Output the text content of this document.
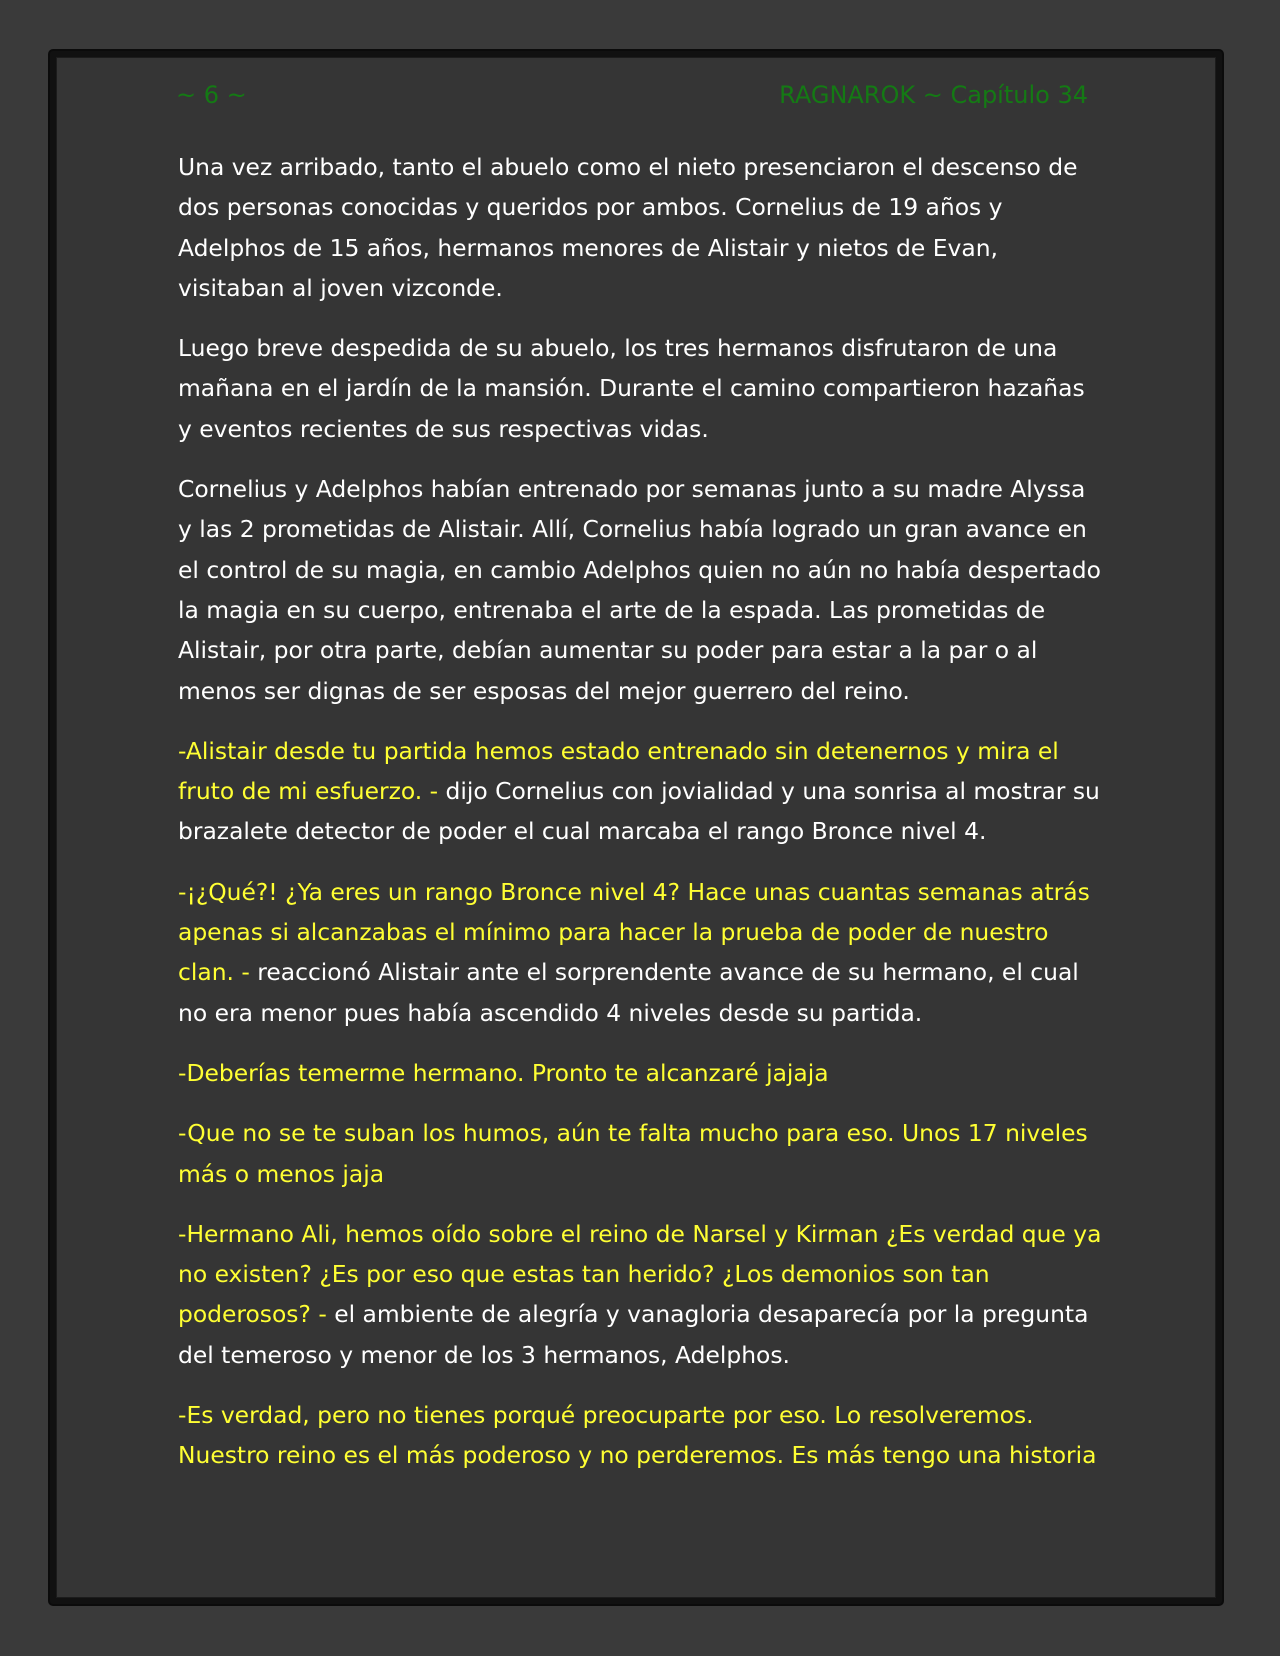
~ 6 ~	RAGNAROK ~ Capítulo 34

Una vez arribado, tanto el abuelo como el nieto presenciaron el descenso de dos personas conocidas y queridos por ambos. Cornelius de 19 años y Adelphos de 15 años, hermanos menores de Alistair y nietos de Evan, visitaban al joven vizconde.

Luego breve despedida de su abuelo, los tres hermanos disfrutaron de una mañana en el jardín de la mansión. Durante el camino compartieron hazañas y eventos recientes de sus respectivas vidas.

Cornelius y Adelphos habían entrenado por semanas junto a su madre Alyssa y las 2 prometidas de Alistair. Allí, Cornelius había logrado un gran avance en el control de su magia, en cambio Adelphos quien no aún no había despertado la magia en su cuerpo, entrenaba el arte de la espada. Las prometidas de Alistair, por otra parte, debían aumentar su poder para estar a la par o al menos ser dignas de ser esposas del mejor guerrero del reino.

-Alistair desde tu partida hemos estado entrenado sin detenernos y mira el fruto de mi esfuerzo. - dijo Cornelius con jovialidad y una sonrisa al mostrar su brazalete detector de poder el cual marcaba el rango Bronce nivel 4.

-¡¿Qué?! ¿Ya eres un rango Bronce nivel 4? Hace unas cuantas semanas atrás apenas si alcanzabas el mínimo para hacer la prueba de poder de nuestro clan. - reaccionó Alistair ante el sorprendente avance de su hermano, el cual no era menor pues había ascendido 4 niveles desde su partida.

-Deberías temerme hermano. Pronto te alcanzaré jajaja

-Que no se te suban los humos, aún te falta mucho para eso. Unos 17 niveles más o menos jaja

-Hermano Ali, hemos oído sobre el reino de Narsel y Kirman ¿Es verdad que ya no existen? ¿Es por eso que estas tan herido? ¿Los demonios son tan poderosos? - el ambiente de alegría y vanagloria desaparecía por la pregunta del temeroso y menor de los 3 hermanos, Adelphos.

-Es verdad, pero no tienes porqué preocuparte por eso. Lo resolveremos. Nuestro reino es el más poderoso y no perderemos. Es más tengo una historia
